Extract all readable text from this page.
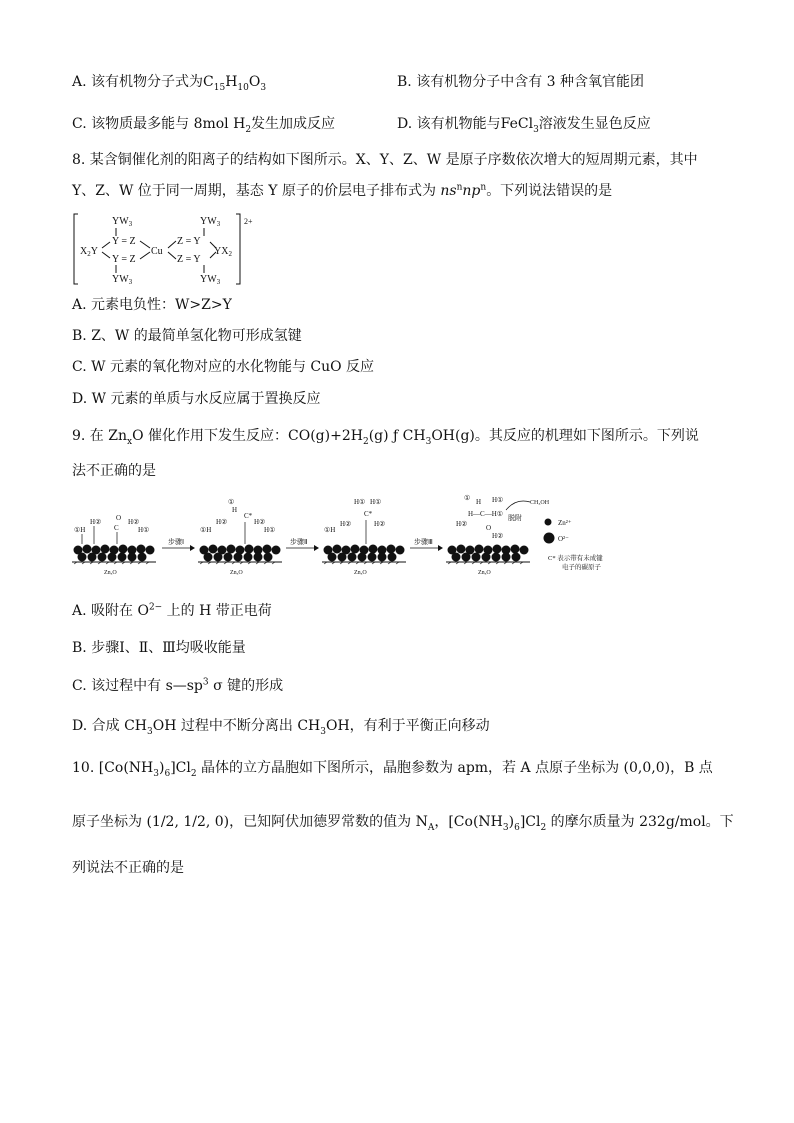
A. 该有机物分子式为$C_{15}H_{10}O_3$	B. 该有机物分子中含有 3 种含氧官能团
C. 该物质最多能与 8mol $H_2$发生加成反应	D. 该有机物能与FeCl$_3$溶液发生显色反应
8. 某含铜催化剂的阳离子的结构如下图所示。X、Y、Z、W 是原子序数依次增大的短周期元素，其中
Y、Z、W 位于同一周期，基态 Y 原子的价层电子排布式为 $ns^nnp^n$。下列说法错误的是
2+
$YW_3$
Y = Z
$X_2Y$
Y = Z
$YW_3$
Cu
$YW_3$
Z = Y
Z = Y
$YX_2$
$YW_3$
A. 元素电负性：W>Z>Y
B. Z、W 的最简单氢化物可形成氢键
C. W 元素的氧化物对应的水化物能与 CuO 反应
D. W 元素的单质与水反应属于置换反应
9. 在 $Zn_xO$ 催化作用下发生反应：$CO(g)+2H_2(g)$ ƒ $CH_3OH(g)$。其反应的机理如下图所示。下列说
法不正确的是
①H
H② O
C
H②
H①
ZnₓO
步骤Ⅰ
①
H
C*
①H
H②	H②
H①
ZnₓO
步骤Ⅱ
H① H①
C*
①H
H②	H②
ZnₓO
步骤Ⅲ
① H H①
H—C—H①
O
H②
H②
CH₃OH
脱附
ZnₓO
Zn²⁺
O²⁻
C* 表示带有未成键
电子的碳原子
A. 吸附在 $O^{2-}$ 上的 H 带正电荷
B. 步骤Ⅰ、Ⅱ、Ⅲ均吸收能量
C. 该过程中有 $s—sp^3$ σ 键的形成
D. 合成 $CH_3OH$ 过程中不断分离出 $CH_3OH$，有利于平衡正向移动
10. $[Co(NH_3)_6]Cl_2$ 晶体的立方晶胞如下图所示，晶胞参数为 apm，若 A 点原子坐标为 (0,0,0)，B 点
原子坐标为 (1/2, 1/2, 0)，已知阿伏加德罗常数的值为 $N_A$，$[Co(NH_3)_6]Cl_2$ 的摩尔质量为 232g/mol。下
列说法不正确的是
